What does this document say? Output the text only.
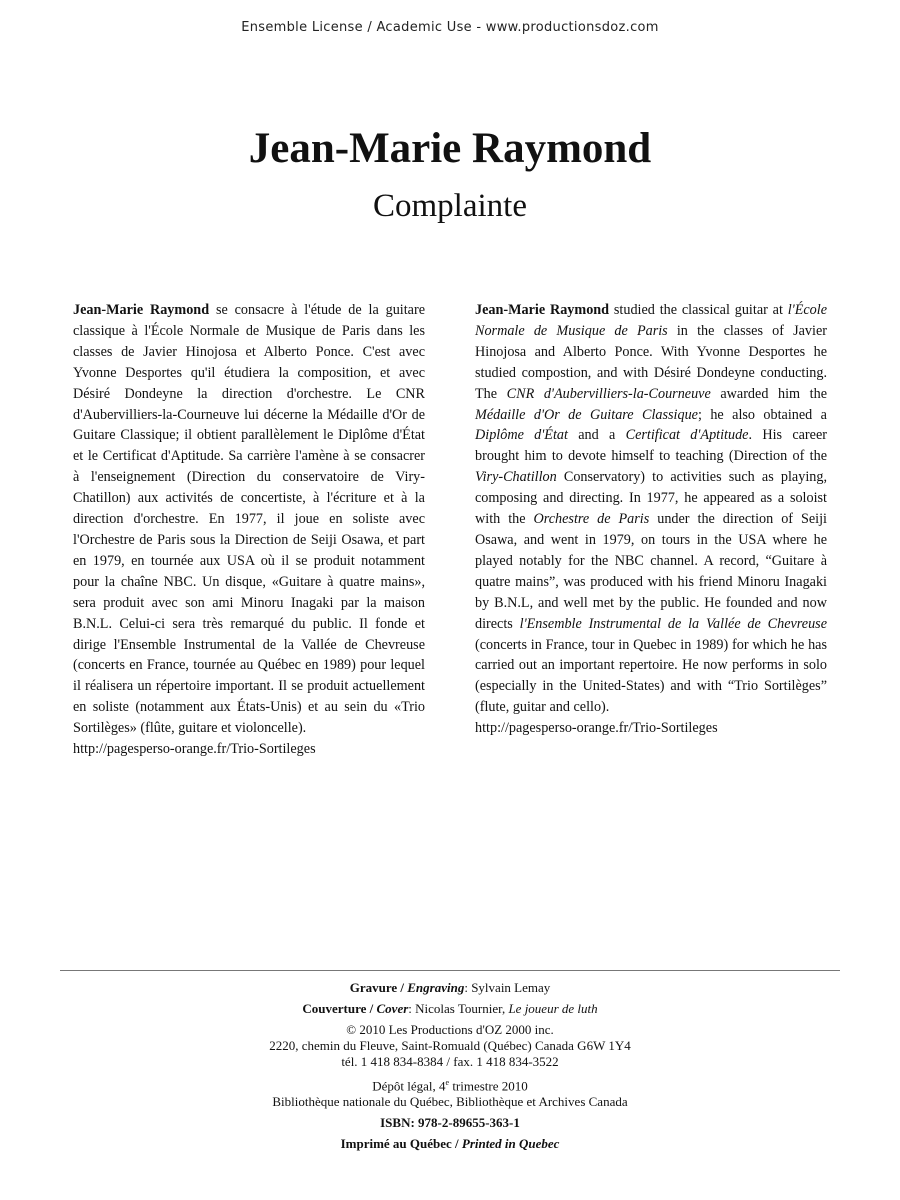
Ensemble License / Academic Use - www.productionsdoz.com
Jean-Marie Raymond
Complainte

Jean-Marie Raymond se consacre à l'étude de la guitare classique à l'École Normale de Musique de Paris dans les classes de Javier Hinojosa et Alberto Ponce. C'est avec Yvonne Desportes qu'il étudiera la composition, et avec Désiré Dondeyne la direction d'orchestre. Le CNR d'Aubervilliers-la-Courneuve lui décerne la Médaille d'Or de Guitare Classique; il obtient parallèlement le Diplôme d'État et le Certificat d'Aptitude. Sa carrière l'amène à se consacrer à l'enseignement (Direction du conservatoire de Viry-Chatillon) aux activités de concertiste, à l'écriture et à la direction d'orchestre. En 1977, il joue en soliste avec l'Orchestre de Paris sous la Direction de Seiji Osawa, et part en 1979, en tournée aux USA où il se produit notamment pour la chaîne NBC. Un disque, «Guitare à quatre mains», sera produit avec son ami Minoru Inagaki par la maison B.N.L. Celui-ci sera très remarqué du public. Il fonde et dirige l'Ensemble Instrumental de la Vallée de Chevreuse (concerts en France, tournée au Québec en 1989) pour lequel il réalisera un répertoire important. Il se produit actuellement en soliste (notamment aux États-Unis) et au sein du «Trio Sortilèges» (flûte, guitare et violoncelle).

http://pagesperso-orange.fr/Trio-Sortileges

Jean-Marie Raymond studied the classical guitar at l'École Normale de Musique de Paris in the classes of Javier Hinojosa and Alberto Ponce. With Yvonne Desportes he studied compostion, and with Désiré Dondeyne conducting. The CNR d'Aubervilliers-la-Courneuve awarded him the Médaille d'Or de Guitare Classique; he also obtained a Diplôme d'État and a Certificat d'Aptitude. His career brought him to devote himself to teaching (Direction of the Viry-Chatillon Conservatory) to activities such as playing, composing and directing. In 1977, he appeared as a soloist with the Orchestre de Paris under the direction of Seiji Osawa, and went in 1979, on tours in the USA where he played notably for the NBC channel. A record, “Guitare à quatre mains”, was produced with his friend Minoru Inagaki by B.N.L, and well met by the public. He founded and now directs l'Ensemble Instrumental de la Vallée de Chevreuse (concerts in France, tour in Quebec in 1989) for which he has carried out an important repertoire. He now performs in solo (especially in the United-States) and with “Trio Sortilèges” (flute, guitar and cello).

http://pagesperso-orange.fr/Trio-Sortileges

Gravure / Engraving: Sylvain Lemay

Couverture / Cover: Nicolas Tournier, Le joueur de luth

© 2010 Les Productions d'OZ 2000 inc.

2220, chemin du Fleuve, Saint-Romuald (Québec) Canada G6W 1Y4

tél. 1 418 834-8384 / fax. 1 418 834-3522

Dépôt légal, 4e trimestre 2010

Bibliothèque nationale du Québec, Bibliothèque et Archives Canada

ISBN: 978-2-89655-363-1

Imprimé au Québec / Printed in Quebec
